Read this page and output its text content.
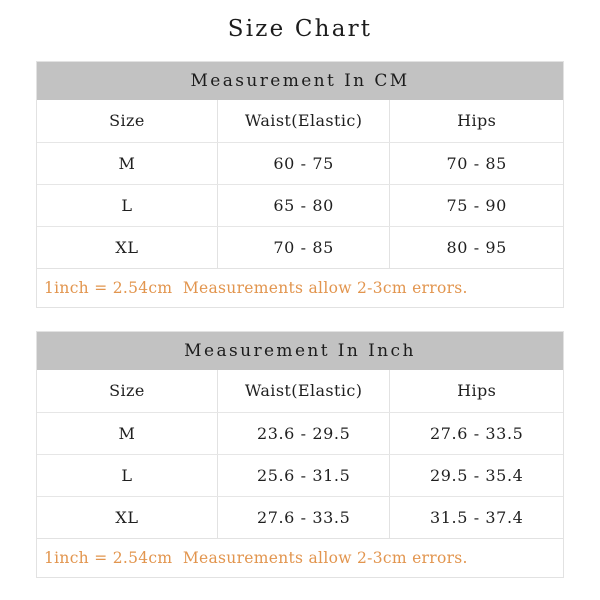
Size Chart
Measurement In CM		
Size	Waist(Elastic)	Hips
M	60 - 75	70 - 85
L	65 - 80	75 - 90
XL	70 - 85	80 - 95
1inch = 2.54cm  Measurements allow 2-3cm errors.
Measurement In Inch		
Size	Waist(Elastic)	Hips
M	23.6 - 29.5	27.6 - 33.5
L	25.6 - 31.5	29.5 - 35.4
XL	27.6 - 33.5	31.5 - 37.4
1inch = 2.54cm  Measurements allow 2-3cm errors.
